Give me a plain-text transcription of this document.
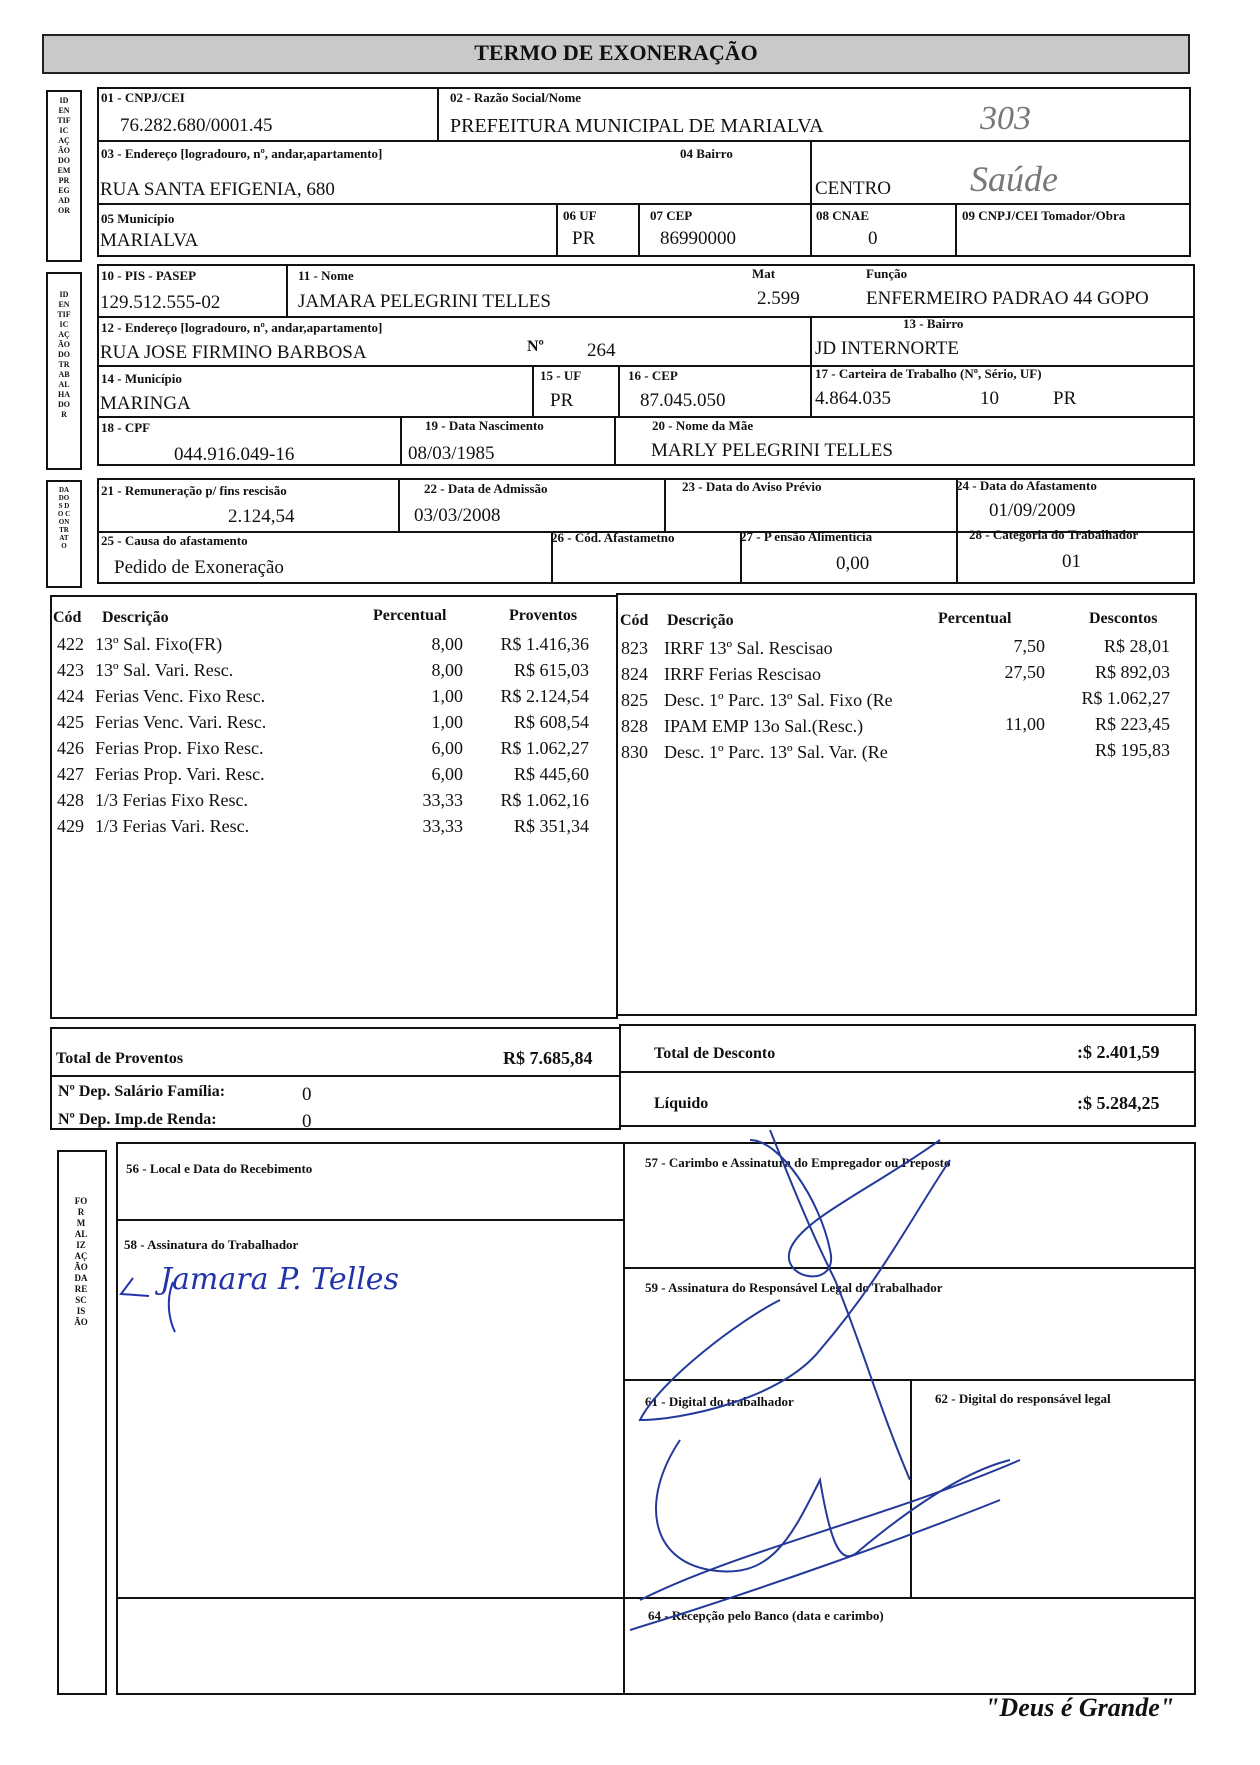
TERMO DE EXONERAÇÃO
IDENTIFICAÇÃO DO EMPREGADOR
01 - CNPJ/CEI
76.282.680/0001.45
02 - Razão Social/Nome
PREFEITURA MUNICIPAL DE MARIALVA	303
03 - Endereço [logradouro, nº, andar,apartamento]
RUA SANTA EFIGENIA, 680
04 Bairro
CENTRO Saúde
05 Município
MARIALVA
06 UF
PR
07 CEP
86990000
08 CNAE
0
09 CNPJ/CEI Tomador/Obra
IDENTIFICAÇÃO DO TRABALHADOR
10 - PIS - PASEP
129.512.555-02
11 - Nome
JAMARA PELEGRINI TELLES
Mat
2.599
Função
ENFERMEIRO PADRAO 44 GOPO
12 - Endereço [logradouro, nº, andar,apartamento]
RUA JOSE FIRMINO BARBOSA	Nº 264
13 - Bairro
JD INTERNORTE
14 - Município
MARINGA
15 - UF
PR
16 - CEP
87.045.050
17 - Carteira de Trabalho (Nº, Sério, UF)
4.864.035	10	PR
18 - CPF
044.916.049-16
19 - Data Nascimento
08/03/1985
20 - Nome da Mãe
MARLY PELEGRINI TELLES
DADOS DO CONTRATO
21 - Remuneração p/ fins rescisão
2.124,54
22 - Data de Admissão
03/03/2008
23 - Data do Aviso Prévio	24 - Data do Afastamento
01/09/2009
25 - Causa do afastamento
Pedido de Exoneração
26 - Cód. Afastametno	27 - P ensão Alimentícia
0,00
28 - Categoria do Trabalhador
01
Cód Descrição	Percentual	Proventos
422 13º Sal. Fixo(FR)	8,00	R$ 1.416,36
423 13º Sal. Vari. Resc.	8,00	R$ 615,03
424 Ferias Venc. Fixo Resc.	1,00	R$ 2.124,54
425 Ferias Venc. Vari. Resc.	1,00	R$ 608,54
426 Ferias Prop. Fixo Resc.	6,00	R$ 1.062,27
427 Ferias Prop. Vari. Resc.	6,00	R$ 445,60
428 1/3 Ferias Fixo Resc.	33,33	R$ 1.062,16
429 1/3 Ferias Vari. Resc.	33,33	R$ 351,34
Cód Descrição	Percentual	Descontos
823 IRRF 13º Sal. Rescisao	7,50	R$ 28,01
824 IRRF Ferias Rescisao	27,50	R$ 892,03
825 Desc. 1º Parc. 13º Sal. Fixo (Re	R$ 1.062,27
828 IPAM EMP 13o Sal.(Resc.)	11,00	R$ 223,45
830 Desc. 1º Parc. 13º Sal. Var. (Re	R$ 195,83
Total de Proventos	R$ 7.685,84	Total de Desconto	:$ 2.401,59
Nº Dep. Salário Família:	0
Nº Dep. Imp.de Renda:	0
Líquido	:$ 5.284,25
FORMALIZAÇÃO DA RESCISÃO
56 - Local e Data do Recebimento	57 - Carimbo e Assinatura do Empregador ou Preposto
58 - Assinatura do Trabalhador
59 - Assinatura do Responsável Legal do Trabalhador
61 - Digital do trabalhador	62 - Digital do responsável legal
64 - Recepção pelo Banco (data e carimbo)
Jamara P. Telles
"Deus é Grande"
